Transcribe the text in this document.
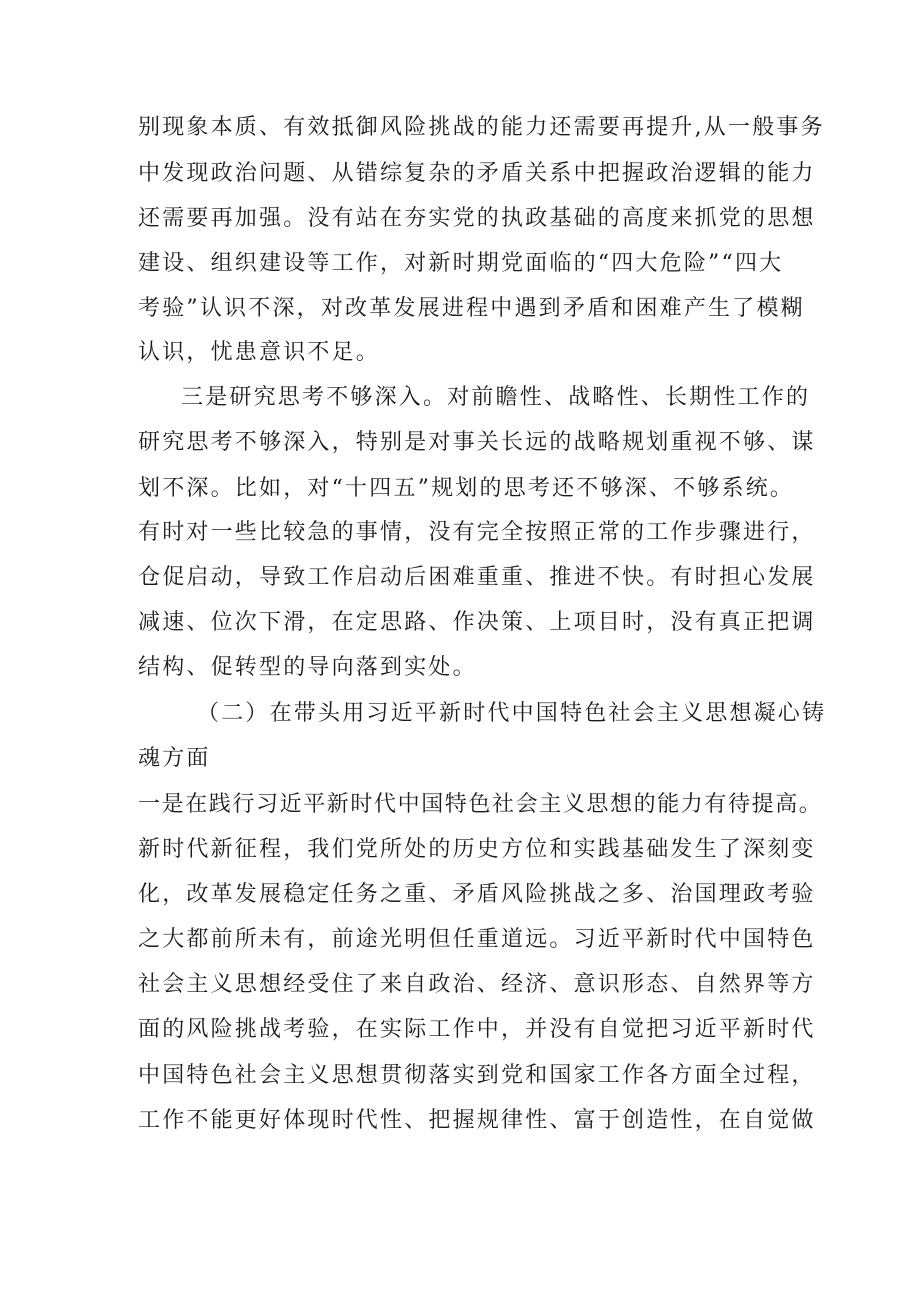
别现象本质、有效抵御风险挑战的能力还需要再提升,从一般事务
中发现政治问题、从错综复杂的矛盾关系中把握政治逻辑的能力
还需要再加强。没有站在夯实党的执政基础的高度来抓党的思想
建设、组织建设等工作，对新时期党面临的“四大危险”“四大
考验”认识不深，对改革发展进程中遇到矛盾和困难产生了模糊
认识，忧患意识不足。
三是研究思考不够深入。对前瞻性、战略性、长期性工作的
研究思考不够深入，特别是对事关长远的战略规划重视不够、谋
划不深。比如，对“十四五”规划的思考还不够深、不够系统。
有时对一些比较急的事情，没有完全按照正常的工作步骤进行，
仓促启动，导致工作启动后困难重重、推进不快。有时担心发展
减速、位次下滑，在定思路、作决策、上项目时，没有真正把调
结构、促转型的导向落到实处。
（二）在带头用习近平新时代中国特色社会主义思想凝心铸
魂方面
一是在践行习近平新时代中国特色社会主义思想的能力有待提高。
新时代新征程，我们党所处的历史方位和实践基础发生了深刻变
化，改革发展稳定任务之重、矛盾风险挑战之多、治国理政考验
之大都前所未有，前途光明但任重道远。习近平新时代中国特色
社会主义思想经受住了来自政治、经济、意识形态、自然界等方
面的风险挑战考验，在实际工作中，并没有自觉把习近平新时代
中国特色社会主义思想贯彻落实到党和国家工作各方面全过程，
工作不能更好体现时代性、把握规律性、富于创造性，在自觉做
